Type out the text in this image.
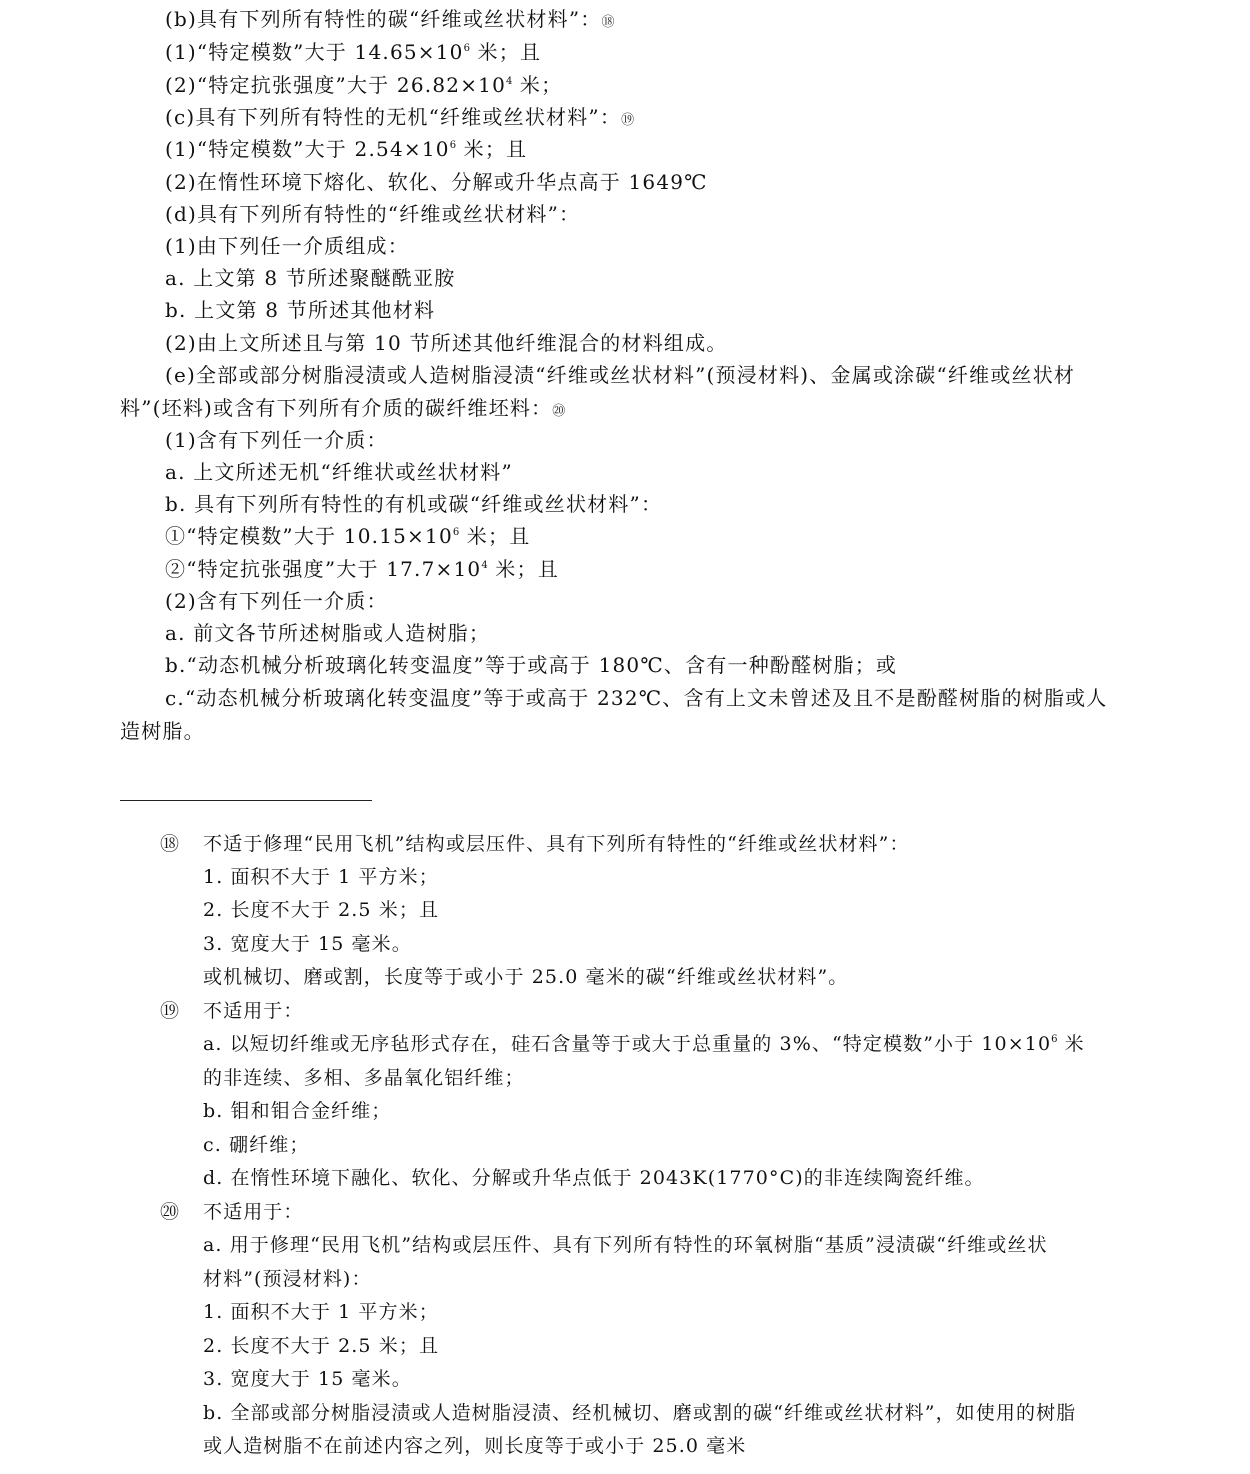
(b)具有下列所有特性的碳“纤维或丝状材料”：⑱
(1)“特定模数”大于 $14.65\times 10^6$ 米；且
(2)“特定抗张强度”大于 $26.82\times 10^4$ 米；
(c)具有下列所有特性的无机“纤维或丝状材料”：⑲
(1)“特定模数”大于 $2.54\times 10^6$ 米；且
(2)在惰性环境下熔化、软化、分解或升华点高于 1649℃
(d)具有下列所有特性的“纤维或丝状材料”：
(1)由下列任一介质组成：
a. 上文第 8 节所述聚醚酰亚胺
b. 上文第 8 节所述其他材料
(2)由上文所述且与第 10 节所述其他纤维混合的材料组成。
(e)全部或部分树脂浸渍或人造树脂浸渍“纤维或丝状材料”(预浸材料)、金属或涂碳“纤维或丝状材
料”(坯料)或含有下列所有介质的碳纤维坯料：⑳
(1)含有下列任一介质：
a. 上文所述无机“纤维状或丝状材料”
b. 具有下列所有特性的有机或碳“纤维或丝状材料”：
①“特定模数”大于 $10.15\times 10^6$ 米；且
②“特定抗张强度”大于 $17.7\times 10^4$ 米；且
(2)含有下列任一介质：
a. 前文各节所述树脂或人造树脂；
b.“动态机械分析玻璃化转变温度”等于或高于 180℃、含有一种酚醛树脂；或
c.“动态机械分析玻璃化转变温度”等于或高于 232℃、含有上文未曾述及且不是酚醛树脂的树脂或人
造树脂。
⑱ 不适于修理“民用飞机”结构或层压件、具有下列所有特性的“纤维或丝状材料”：
1. 面积不大于 1 平方米；
2. 长度不大于 2.5 米；且
3. 宽度大于 15 毫米。
或机械切、磨或割，长度等于或小于 25.0 毫米的碳“纤维或丝状材料”。
⑲ 不适用于：
a. 以短切纤维或无序毡形式存在，硅石含量等于或大于总重量的 3%、“特定模数”小于 $10\times 10^6$ 米
的非连续、多相、多晶氧化铝纤维；
b. 钼和钼合金纤维；
c. 硼纤维；
d. 在惰性环境下融化、软化、分解或升华点低于 2043K(1770°C)的非连续陶瓷纤维。
⑳ 不适用于：
a. 用于修理“民用飞机”结构或层压件、具有下列所有特性的环氧树脂“基质”浸渍碳“纤维或丝状
材料”(预浸材料)：
1. 面积不大于 1 平方米；
2. 长度不大于 2.5 米；且
3. 宽度大于 15 毫米。
b. 全部或部分树脂浸渍或人造树脂浸渍、经机械切、磨或割的碳“纤维或丝状材料”，如使用的树脂
或人造树脂不在前述内容之列，则长度等于或小于 25.0 毫米
